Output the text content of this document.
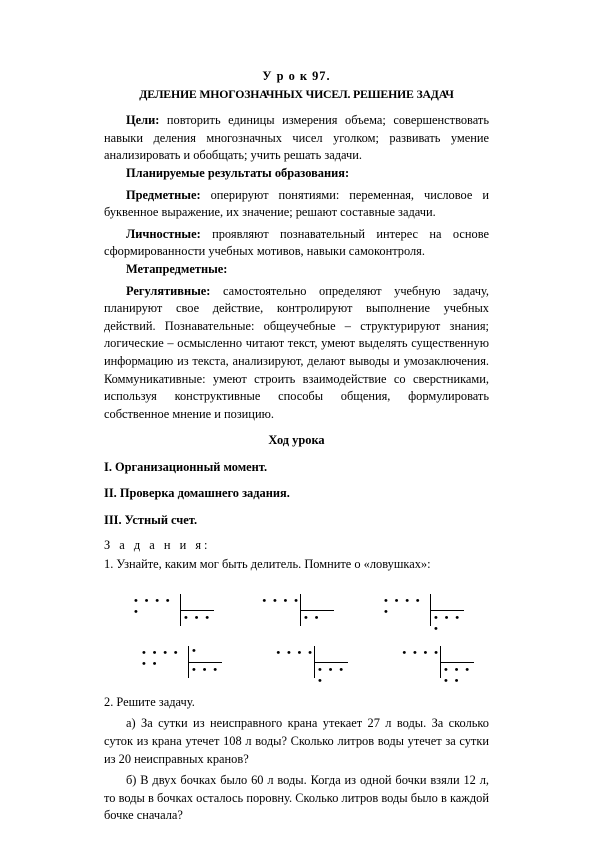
У р о к 97.
ДЕЛЕНИЕ МНОГОЗНАЧНЫХ ЧИСЕЛ. РЕШЕНИЕ ЗАДАЧ

Цели: повторить единицы измерения объема; совершенствовать навыки деления многозначных чисел уголком; развивать умение анализировать и обобщать; учить решать задачи.

Планируемые результаты образования:

Предметные: оперируют понятиями: переменная, числовое и буквенное выражение, их значение; решают составные задачи.

Личностные: проявляют познавательный интерес на основе сформированности учебных мотивов, навыки самоконтроля.

Метапредметные:

Регулятивные: самостоятельно определяют учебную задачу, планируют свое действие, контролируют выполнение учебных действий. Познавательные: общеучебные – структурируют знания; логические – осмысленно читают текст, умеют выделять существенную информацию из текста, анализируют, делают выводы и умозаключения. Коммуникативные: умеют строить взаимодействие со сверстниками, используя конструктивные способы общения, формулировать собственное мнение и позицию.

Ход урока

I. Организационный момент.

II. Проверка домашнего задания.

III. Устный счет.

З а д а н и я:

1. Узнайте, каким мог быть делитель. Помните о «ловушках»:

• • • • •	• • •
• • • •
• •
• • • • •	• • • •
• • • • • •
•
• • •
• • • •
• • • •
• • • •
• • • • •

2. Решите задачу.

а) За сутки из неисправного крана утекает 27 л воды. За сколько суток из крана утечет 108 л воды? Сколько литров воды утечет за сутки из 20 неисправных кранов?

б) В двух бочках было 60 л воды. Когда из одной бочки взяли 12 л, то воды в бочках осталось поровну. Сколько литров воды было в каждой бочке сначала?
